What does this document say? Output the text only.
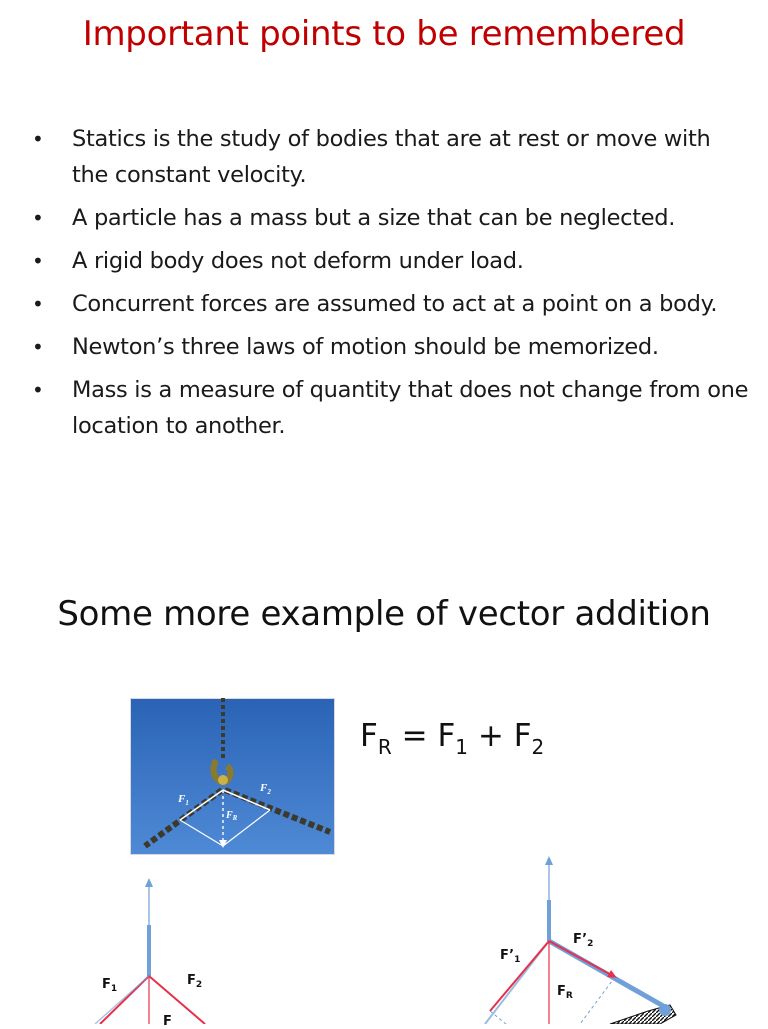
Important points to be remembered
• Statics is the study of bodies that are at rest or move with the constant velocity.
• A particle has a mass but a size that can be neglected.
• A rigid body does not deform under load.
• Concurrent forces are assumed to act at a point on a body.
• Newton’s three laws of motion should be memorized.
• Mass is a measure of quantity that does not change from one location to another.
Some more example of vector addition
$F_1$
$F_2$
$F_R$
$F_R = F_1 + F_2$
$F_1$
$F_2$
F
$F’_1$
$F’_2$
$F_R$
